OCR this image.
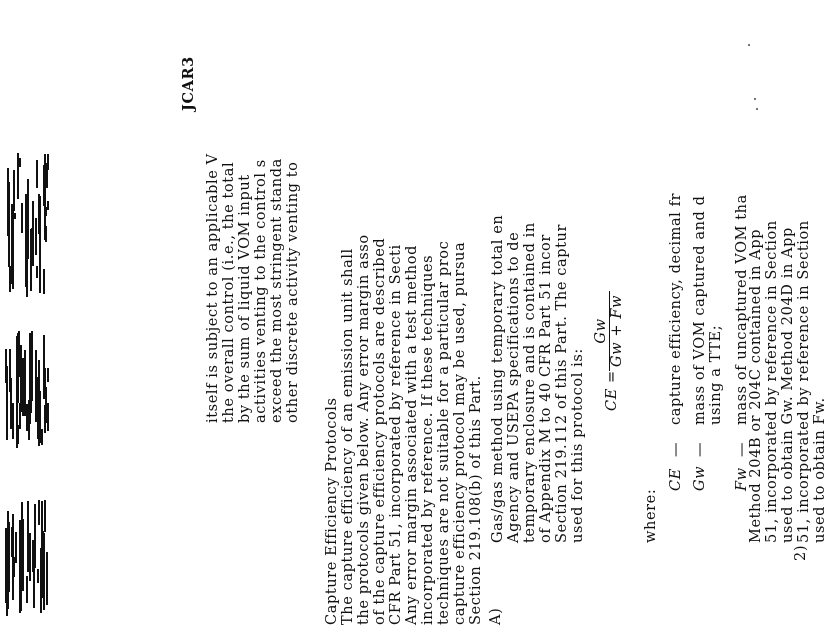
JCAR3
itself is subject to an applicable V the overall control (i.e., the total by the sum of liquid VOM input activities venting to the control s exceed the most stringent standa other discrete activity venting to
Capture Efficiency Protocols The capture efficiency of an emission unit shall the protocols given below. Any error margin asso of the capture efficiency protocols are described CFR Part 51, incorporated by reference in Secti Any error margin associated with a test method incorporated by reference. If these techniques techniques are not suitable for a particular proc capture efficiency protocol may be used, pursua Section 219.108(b) of this Part. A)
Gas/gas method using temporary total en Agency and USEPA specifications to de temporary enclosure and is contained in of Appendix M to 40 CFR Part 51 incor Section 219.112 of this Part. The captur used for this protocol is: CE
=
Gw Gw + Fw
where:
CE
—
capture efficiency, decimal fr
Gw
—
mass of VOM captured and d using a TTE;
Fw
—
mass of uncaptured VOM tha
Method 204B or 204C contained in App 51, incorporated by reference in Section used to obtain Gw. Method 204D in App 51, incorporated by reference in Section used to obtain Fw.
2)
